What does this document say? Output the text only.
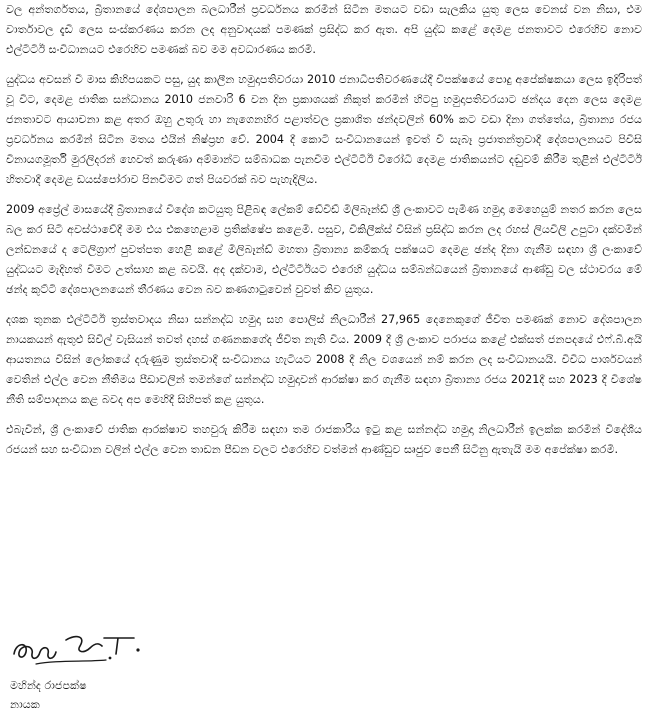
වල අන්තර්ගතය, බ්‍රිතානයේ දේශපාලන බලධාරීන් ප්‍රවර්ධනය කරමින් සිටින මතයට වඩා සැලකිය යුතු ලෙස වෙනස් වන නිසා, එම වාර්තාවල දැඩි ලෙස සංස්කරණය කරන ලද අනුවාදයක් පමණක් ප්‍රසිද්ධ කර ඇත. අපි යුද්ධ කළේ දෙමළ ජනතාවට එරෙහිව නොව එල්ටීටීඊ සංවිධානයට එරෙහිව පමණක් බව මම අවධාරණය කරමි.

යුද්ධය අවසන් වී මාස කිහිපයකට පසු, යුද කාලීන හමුදාපතිවරයා 2010 ජනාධිපතිවරණයේදී විපක්ෂයේ පොදු අපේක්ෂකයා ලෙස ඉදිරිපත් වූ විට, දෙමළ ජාතික සන්ධානය 2010 ජනවාරි 6 වන දින ප්‍රකාශයක් නිකුත් කරමින් හිටපු හමුදාපතිවරයාට ඡන්දය දෙන ලෙස දෙමළ ජනතාවට ආයාචනා කළ අතර ඔහු උතුරු හා නැගෙනහිර පළාත්වල ප්‍රකාශිත ඡන්දවලින් 60% කට වඩා දිනා ගත්තේය, බ්‍රිතාන්‍ය රජය ප්‍රවර්ධනය කරමින් සිටින මතය එයින් නිෂ්ප්‍රභ වේ. 2004 දී කොටි සංවිධානයෙන් ඉවත් වී සැබෑ ප්‍රජාතන්ත්‍රවාදී දේශපාලනයට පිවිසි විනායගමූර්ති මුරලිදරන් හෙවත් කරුණා අම්මාන්ට සම්බාධක පැනවීම එල්ටීටීඊ විරෝධී දෙමළ ජාතිකයන්ට දඬුවම් කිරීම තුළින් එල්ටීටීඊ හිතවාදී දෙමළ ඩයස්පෝරාව පිනවීමට ගත් පියවරක් බව පැහැදිලිය.

2009 අප්‍රේල් මාසයේදී බ්‍රිතානයේ විදේශ කටයුතු පිළිබඳ ලේකම් ඩේවිඩ් මිලිබෑන්ඩ් ශ්‍රී ලංකාවට පැමිණ හමුදා මෙහෙයුම් නතර කරන ලෙස බල කර සිටි අවස්ථාවේදී මම එය එකහෙළාම ප්‍රතික්ෂේප කළෙමි. පසුව, විකිලීක්ස් විසින් ප්‍රසිද්ධ කරන ලද රහස් ලියවිලි උපුටා දක්වමින් ලන්ඩනයේ ද ටෙලිග්‍රාෆ් පුවත්පත හෙළි කළේ මිලිබෑන්ඩ් මහතා බ්‍රිතාන්‍ය කම්කරු පක්ෂයට දෙමළ ඡන්ද දිනා ගැනීම සඳහා ශ්‍රී ලංකාවේ යුද්ධයට මැදිහත් වීමට උත්සාහ කළ බවයි. අද දක්වාම, එල්ටීටීඊයට එරෙහි යුද්ධය සම්බන්ධයෙන් බ්‍රිතානයේ ආණ්ඩු වල ස්ථාවරය මේ ඡන්ද කුට්ටි දේශපාලනයෙන් තීරණය වෙන බව කණගාටුවෙන් වුවත් කිව යුතුය.

දශක තුනක එල්ටීටීඊ ත්‍රස්තවාදය නිසා සන්නද්ධ හමුදා සහ පොලිස් නිලධාරීන් 27,965 දෙනෙකුගේ ජීවිත පමණක් නොව දේශපාලන නායකයන් ඇතුළු සිවිල් වැසියන් තවත් දහස් ගණනකගේද ජීවිත නැති විය. 2009 දී ශ්‍රී ලංකාව පරාජය කළේ එක්සත් ජනපදයේ එෆ්.බී.අයි ආයතනය විසින් ලෝකයේ දරුණුම ත්‍රස්තවාදී සංවිධානය හැටියට 2008 දී නිල වශයෙන් නම් කරන ලද සංවිධානයයි. විවිධ පාර්ශවයන් වෙතින් එල්ල වෙන නීතිමය පීඩාවලින් තමන්ගේ සන්නද්ධ හමුදාවන් ආරක්ෂා කර ගැනීම සඳහා බ්‍රිතාන්‍ය රජය 2021දී සහ 2023 දී විශේෂ නීති සම්පාදනය කළ බවද අප මෙහිදී සිහිපත් කළ යුතුය.

එබැවින්, ශ්‍රී ලංකාවේ ජාතික ආරක්ෂාව තහවුරු කිරීම සඳහා තම රාජකාරිය ඉටු කළ සන්නද්ධ හමුදා නිලධාරීන් ඉලක්ක කරමින් විදේශීය රජයන් සහ සංවිධාන වලින් එල්ල වෙන තාඩන පීඩන වලට එරෙහිව වත්මන් ආණ්ඩුව සෘජුව පෙනී සිටිනු ඇතැයි මම අපේක්ෂා කරමි.

මහින්ද රාජපක්ෂ
නායක
